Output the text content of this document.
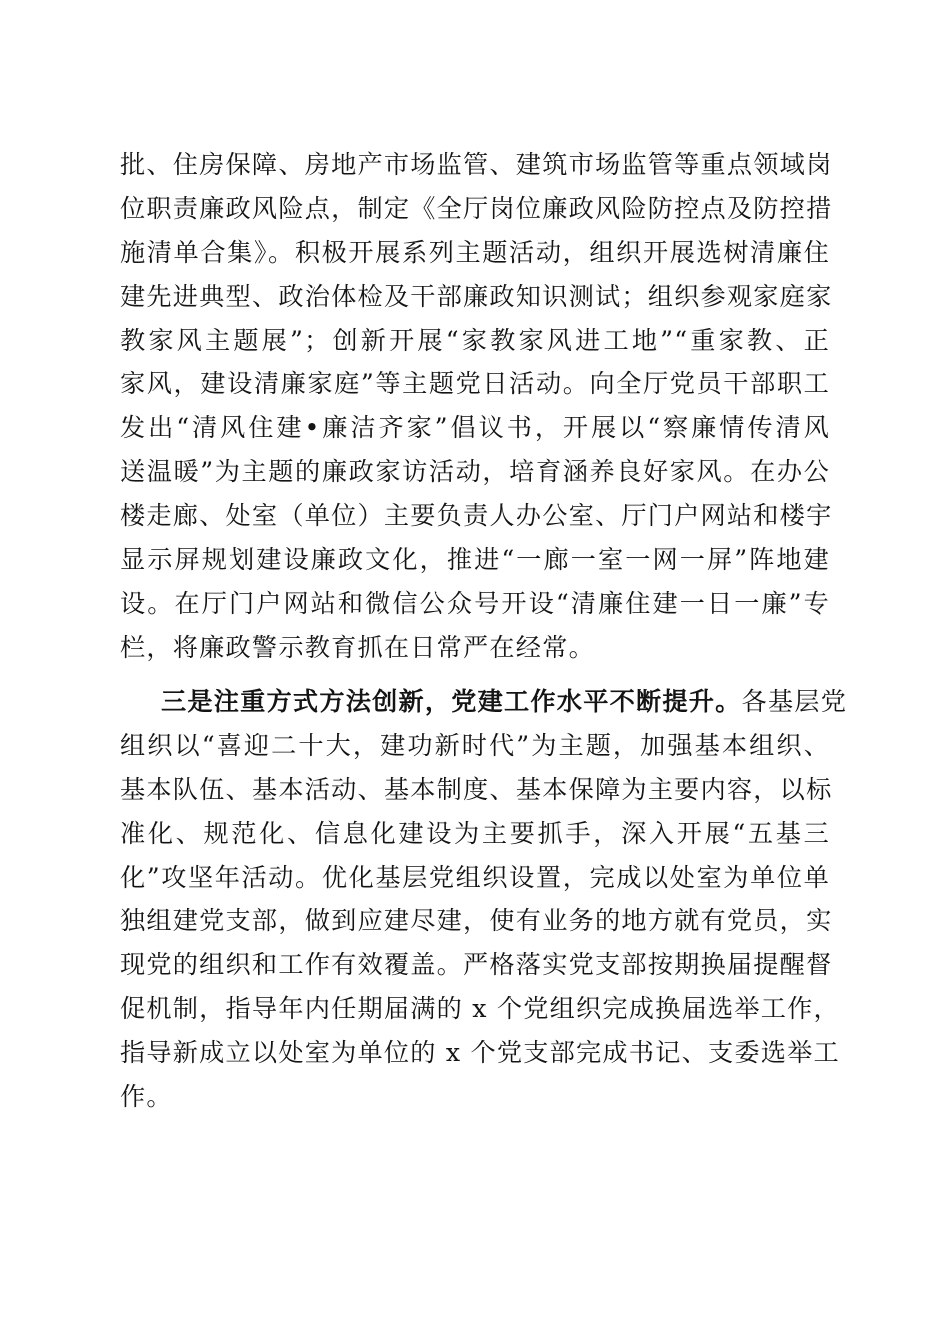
批、住房保障、房地产市场监管、建筑市场监管等重点领域岗
位职责廉政风险点，制定《全厅岗位廉政风险防控点及防控措
施清单合集》。积极开展系列主题活动，组织开展选树清廉住
建先进典型、政治体检及干部廉政知识测试；组织参观家庭家
教家风主题展”；创新开展“家教家风进工地”“重家教、正
家风，建设清廉家庭”等主题党日活动。向全厅党员干部职工
发出“清风住建•廉洁齐家”倡议书，开展以“察廉情传清风
送温暖”为主题的廉政家访活动，培育涵养良好家风。在办公
楼走廊、处室（单位）主要负责人办公室、厅门户网站和楼宇
显示屏规划建设廉政文化，推进“一廊一室一网一屏”阵地建
设。在厅门户网站和微信公众号开设“清廉住建一日一廉”专
栏，将廉政警示教育抓在日常严在经常。
三是注重方式方法创新，党建工作水平不断提升。各基层党
组织以“喜迎二十大，建功新时代”为主题，加强基本组织、
基本队伍、基本活动、基本制度、基本保障为主要内容，以标
准化、规范化、信息化建设为主要抓手，深入开展“五基三
化”攻坚年活动。优化基层党组织设置，完成以处室为单位单
独组建党支部，做到应建尽建，使有业务的地方就有党员，实
现党的组织和工作有效覆盖。严格落实党支部按期换届提醒督
促机制，指导年内任期届满的 x 个党组织完成换届选举工作，
指导新成立以处室为单位的 x 个党支部完成书记、支委选举工
作。
